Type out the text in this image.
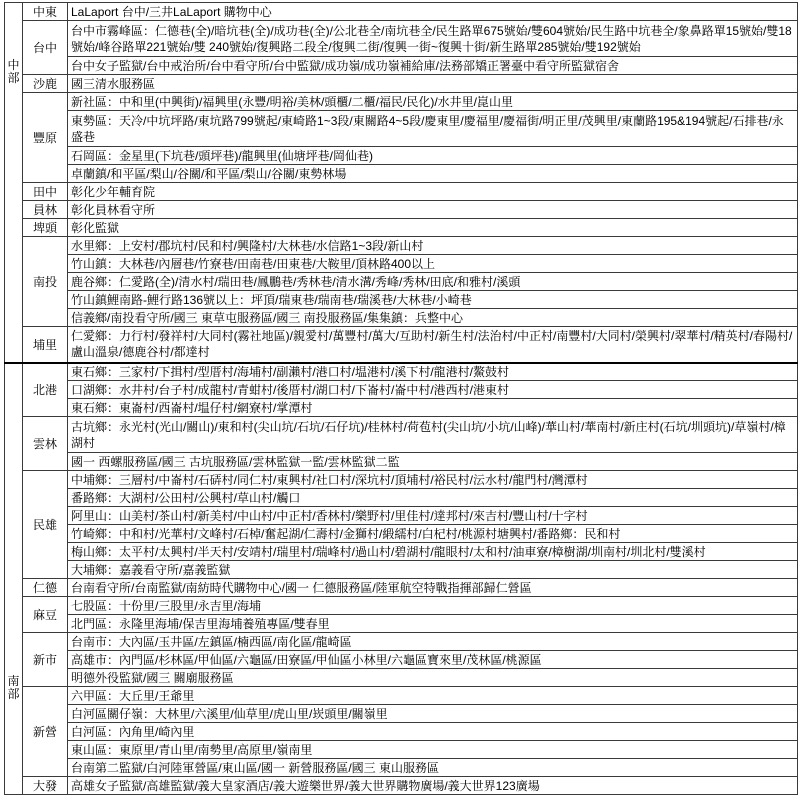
中部	中東	LaLaport 台中/三井LaLaport 購物中心
	台中	台中市霧峰區：仁德巷(全)/暗坑巷(全)/成功巷(全)/公北巷全/南坑巷全/民生路單675號始/雙604號始/民生路中坑巷全/象鼻路單15號始/雙18號始/峰谷路單221號始/雙 240號始/復興路二段全/復興二街/復興一街~復興十街/新生路單285號始/雙192號始
		台中女子監獄/台中戒治所/台中看守所/台中監獄/成功嶺/成功嶺補給庫/法務部矯正署臺中看守所監獄宿舍
	沙鹿	國三清水服務區
	豐原	新社區：中和里(中興街)/福興里(永豐/明裕/美林/頭櫃/二櫃/福民/民化)/水井里/崑山里
		東勢區：天冷/中坑坪路/東坑路799號起/東崎路1~3段/東關路4~5段/慶東里/慶福里/慶福街/明正里/茂興里/東蘭路195&194號起/石排巷/永盛巷
		石岡區：金星里(下坑巷/頭坪巷)/龍興里(仙塘坪巷/岡仙巷)
		卓蘭鎮/和平區/梨山/谷關/和平區/梨山/谷關/東勢林場
	田中	彰化少年輔育院
	員林	彰化員林看守所
	埤頭	彰化監獄
	南投	水里鄉：上安村/郡坑村/民和村/興隆村/大林巷/水信路1~3段/新山村
		竹山鎮：大林巷/內層巷/竹寮巷/田南巷/田東巷/大鞍里/頂林路400以上
		鹿谷鄉：仁愛路(全)/清水村/瑞田巷/鳳鵬巷/秀林巷/清水溝/秀峰/秀林/田底/和雅村/溪頭
		竹山鎮鯉南路-鯉行路136號以上：坪頂/瑞東巷/瑞南巷/瑞溪巷/大林巷/小崎巷
		信義鄉/南投看守所/國三 東草屯服務區/國三 南投服務區/集集鎮：兵整中心
	埔里	仁愛鄉：力行村/發祥村/大同村(霧社地區)/親愛村/萬豐村/萬大/互助村/新生村/法治村/中正村/南豐村/大同村/榮興村/翠華村/精英村/春陽村/盧山溫泉/德鹿谷村/都達村

南部	北港	東石鄉：三家村/下揖村/型厝村/海埔村/副瀨村/港口村/塭港村/溪下村/龍港村/鰲鼓村
		口湖鄉：水井村/台子村/成龍村/青蚶村/後厝村/湖口村/下崙村/崙中村/港西村/港東村
		東石鄉：東崙村/西崙村/塭仔村/網寮村/掌潭村
	雲林	古坑鄉：永光村(光山/關山)/東和村(尖山坑/石坑/石仔坑)/桂林村/荷苞村(尖山坑/小坑/山峰)/華山村/華南村/新庄村(石坑/圳頭坑)/草嶺村/樟湖村
		國一 西螺服務區/國三 古坑服務區/雲林監獄一監/雲林監獄二監
	民雄	中埔鄉：三層村/中崙村/石硦村/同仁村/東興村/社口村/深坑村/頂埔村/裕民村/沄水村/龍門村/灣潭村
		番路鄉：大湖村/公田村/公興村/草山村/觸口
		阿里山：山美村/茶山村/新美村/中山村/中正村/香林村/樂野村/里佳村/達邦村/來吉村/豐山村/十字村
		竹崎鄉：中和村/光華村/文峰村/石棹/奮起湖/仁壽村/金獅村/緞繻村/白杞村/桃源村塘興村/番路鄉：民和村
		梅山鄉：太平村/太興村/半天村/安靖村/瑞里村/瑞峰村/過山村/碧湖村/龍眼村/太和村/油車寮/樟樹湖/圳南村/圳北村/雙溪村
		大埔鄉：嘉義看守所/嘉義監獄
	仁德	台南看守所/台南監獄/南紡時代購物中心/國一 仁德服務區/陸軍航空特戰指揮部歸仁營區
	麻豆	七股區：十份里/三股里/永吉里/海埔
		北門區：永隆里海埔/保吉里海埔養殖專區/雙春里
	新市	台南市：大內區/玉井區/左鎮區/楠西區/南化區/龍崎區
		高雄市：內門區/杉林區/甲仙區/六龜區/田寮區/甲仙區小林里/六龜區寶來里/茂林區/桃源區
		明德外役監獄/國三 關廟服務區
	新營	六甲區：大丘里/王爺里
		白河區關仔嶺：大林里/六溪里/仙草里/虎山里/崁頭里/關嶺里
		白河區：內角里/崎內里
		東山區：東原里/青山里/南勢里/高原里/嶺南里
		台南第二監獄/白河陸軍營區/東山區/國一 新營服務區/國三 東山服務區
	大發	高雄女子監獄/高雄監獄/義大皇家酒店/義大遊樂世界/義大世界購物廣場/義大世界123廣場
